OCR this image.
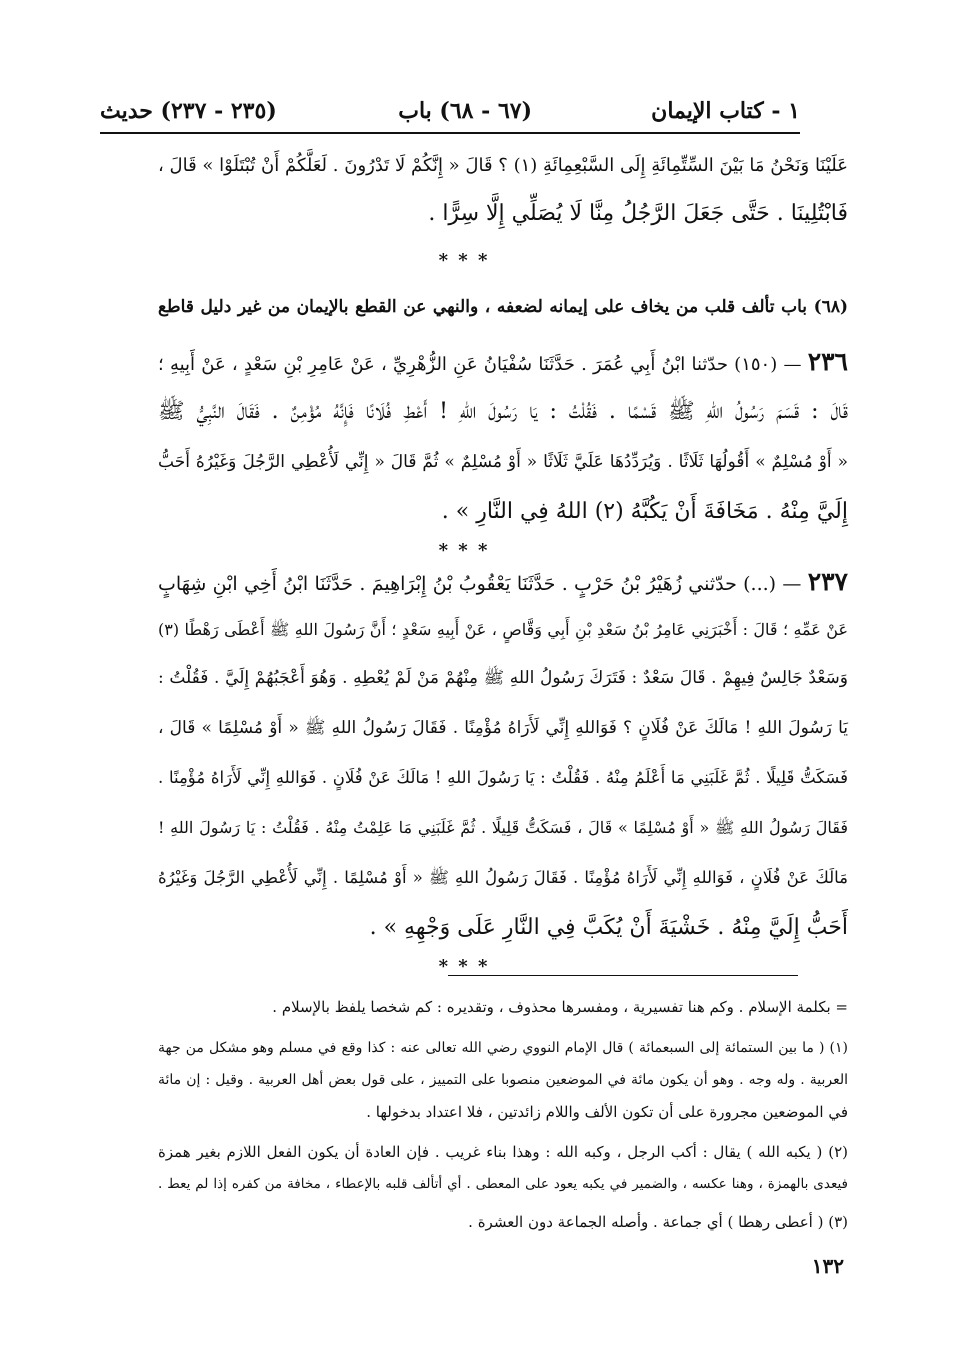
١ - كتاب الإيمان
(٦٧ - ٦٨) باب
(٢٣٥ - ٢٣٧) حديث
عَلَيْنَا وَنَحْنُ مَا بَيْنَ السِّتِّمِائَةِ إِلَى السَّبْعِمِائَةِ (١) ؟ قَالَ « إِنَّكُمْ لَا تَدْرُونَ . لَعَلَّكُمْ أَنْ تُبْتَلَوْا » قَالَ ،
فَابْتُلِينَا . حَتَّى جَعَلَ الرَّجُلُ مِنَّا لَا يُصَلِّي إِلَّا سِرًّا .
* * *
(٦٨) باب تألف قلب من يخاف على إيمانه لضعفه ، والنهي عن القطع بالإيمان من غير دليل قاطع
٢٣٦ — (١٥٠) حدّثنا ابْنُ أَبِي عُمَرَ . حَدَّثَنَا سُفْيَانُ عَنِ الزُّهْرِيِّ ، عَنْ عَامِرِ بْنِ سَعْدٍ ، عَنْ أَبِيهِ ؛
قَالَ : قَسَمَ رَسُولُ اللهِ ﷺ قَسْمًا . فَقُلْتُ : يَا رَسُولَ اللهِ ! أَعْطِ فُلَانًا فَإِنَّهُ مُؤْمِنٌ . فَقَالَ النَّبِيُّ ﷺ
« أَوْ مُسْلِمٌ » أَقُولُهَا ثَلَاثًا . وَيُرَدِّدُهَا عَلَيَّ ثَلَاثًا « أَوْ مُسْلِمٌ » ثُمَّ قَالَ « إِنِّي لَأُعْطِي الرَّجُلَ وَغَيْرُهُ أَحَبُّ
إِلَيَّ مِنْهُ . مَخَافَةَ أَنْ يَكُبَّهُ (٢) اللهُ فِي النَّارِ » .
* * *
٢٣٧ — (...) حدّثني زُهَيْرُ بْنُ حَرْبٍ . حَدَّثَنَا يَعْقُوبُ بْنُ إِبْرَاهِيمَ . حَدَّثَنَا ابْنُ أَخِي ابْنِ شِهَابٍ
عَنْ عَمِّهِ ؛ قَالَ : أَخْبَرَنِي عَامِرُ بْنُ سَعْدِ بْنِ أَبِي وَقَّاصٍ ، عَنْ أَبِيهِ سَعْدٍ ؛ أَنَّ رَسُولَ اللهِ ﷺ أَعْطَى رَهْطًا (٣)
وَسَعْدٌ جَالِسٌ فِيهِمْ . قَالَ سَعْدٌ : فَتَرَكَ رَسُولُ اللهِ ﷺ مِنْهُمْ مَنْ لَمْ يُعْطِهِ . وَهُوَ أَعْجَبُهُمْ إِلَيَّ . فَقُلْتُ :
يَا رَسُولَ اللهِ ! مَالَكَ عَنْ فُلَانٍ ؟ فَوَاللهِ إِنِّي لَأَرَاهُ مُؤْمِنًا . فَقَالَ رَسُولُ اللهِ ﷺ « أَوْ مُسْلِمًا » قَالَ ،
فَسَكَتُّ قَلِيلًا . ثُمَّ غَلَبَنِي مَا أَعْلَمُ مِنْهُ . فَقُلْتُ : يَا رَسُولَ اللهِ ! مَالَكَ عَنْ فُلَانٍ . فَوَاللهِ إِنِّي لَأَرَاهُ مُؤْمِنًا .
فَقَالَ رَسُولُ اللهِ ﷺ « أَوْ مُسْلِمًا » قَالَ ، فَسَكَتُّ قَلِيلًا . ثُمَّ غَلَبَنِي مَا عَلِمْتُ مِنْهُ . فَقُلْتُ : يَا رَسُولَ اللهِ !
مَالَكَ عَنْ فُلَانٍ ، فَوَاللهِ إِنِّي لَأَرَاهُ مُؤْمِنًا . فَقَالَ رَسُولُ اللهِ ﷺ « أَوْ مُسْلِمًا . إِنِّي لَأُعْطِي الرَّجُلَ وَغَيْرُهُ
أَحَبُّ إِلَيَّ مِنْهُ . خَشْيَةَ أَنْ يُكَبَّ فِي النَّارِ عَلَى وَجْهِهِ » .
* * *
= بكلمة الإسلام . وكم هنا تفسيرية ، ومفسرها محذوف ، وتقديره : كم شخصا يلفظ بالإسلام .
(١) ( ما بين الستمائة إلى السبعمائة ) قال الإمام النووي رضي الله تعالى عنه : كذا وقع في مسلم وهو مشكل من جهة
العربية . وله وجه . وهو أن يكون مائة في الموضعين منصوبا على التمييز ، على قول بعض أهل العربية . وقيل : إن مائة
في الموضعين مجرورة على أن تكون الألف واللام زائدتين ، فلا اعتداد بدخولها .
(٢) ( يكبه الله ) يقال : أكب الرجل ، وكبه الله : وهذا بناء غريب . فإن العادة أن يكون الفعل اللازم بغير همزة
فيعدى بالهمزة ، وهنا عكسه ، والضمير في يكبه يعود على المعطى . أي أتألف قلبه بالإعطاء ، مخافة من كفره إذا لم يعط .
(٣) ( أعطى رهطا ) أي جماعة . وأصله الجماعة دون العشرة .
١٣٢
